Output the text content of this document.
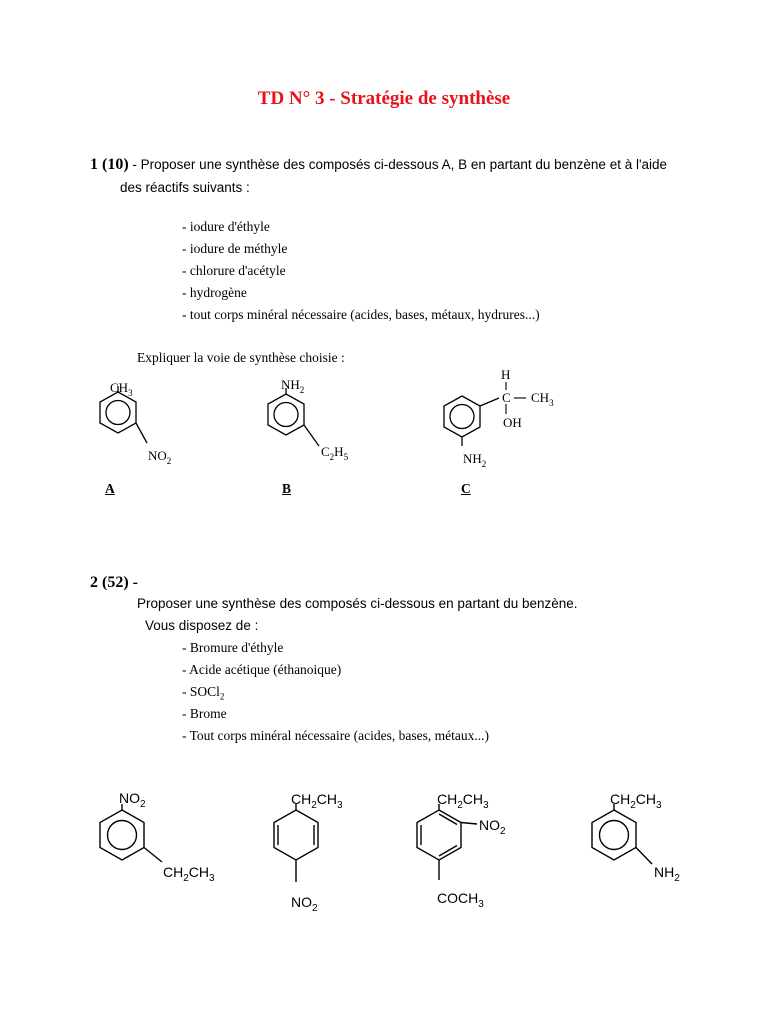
TD N° 3 - Stratégie de synthèse
1 (10) - Proposer une synthèse des composés ci-dessous A, B en partant du benzène et à l'aide
des réactifs suivants :
- iodure d'éthyle
- iodure de méthyle
- chlorure d'acétyle
- hydrogène
- tout corps minéral nécessaire (acides, bases, métaux, hydrures...)
Expliquer la voie de synthèse choisie :
$CH_3$
$NO_2$
A
$NH_2$
$C_2H_5$
B
H
C $CH_3$
OH
$NH_2$
C
2 (52) -
Proposer une synthèse des composés ci-dessous en partant du benzène.
Vous disposez de :
- Bromure d'éthyle
- Acide acétique (éthanoique)
- SOCl$_2$
- Brome
- Tout corps minéral nécessaire (acides, bases, métaux...)
$NO_2$
$CH_2CH_3$
$CH_2CH_3$
$NO_2$
$CH_2CH_3$
$NO_2$
$COCH_3$
$CH_2CH_3$
$NH_2$
